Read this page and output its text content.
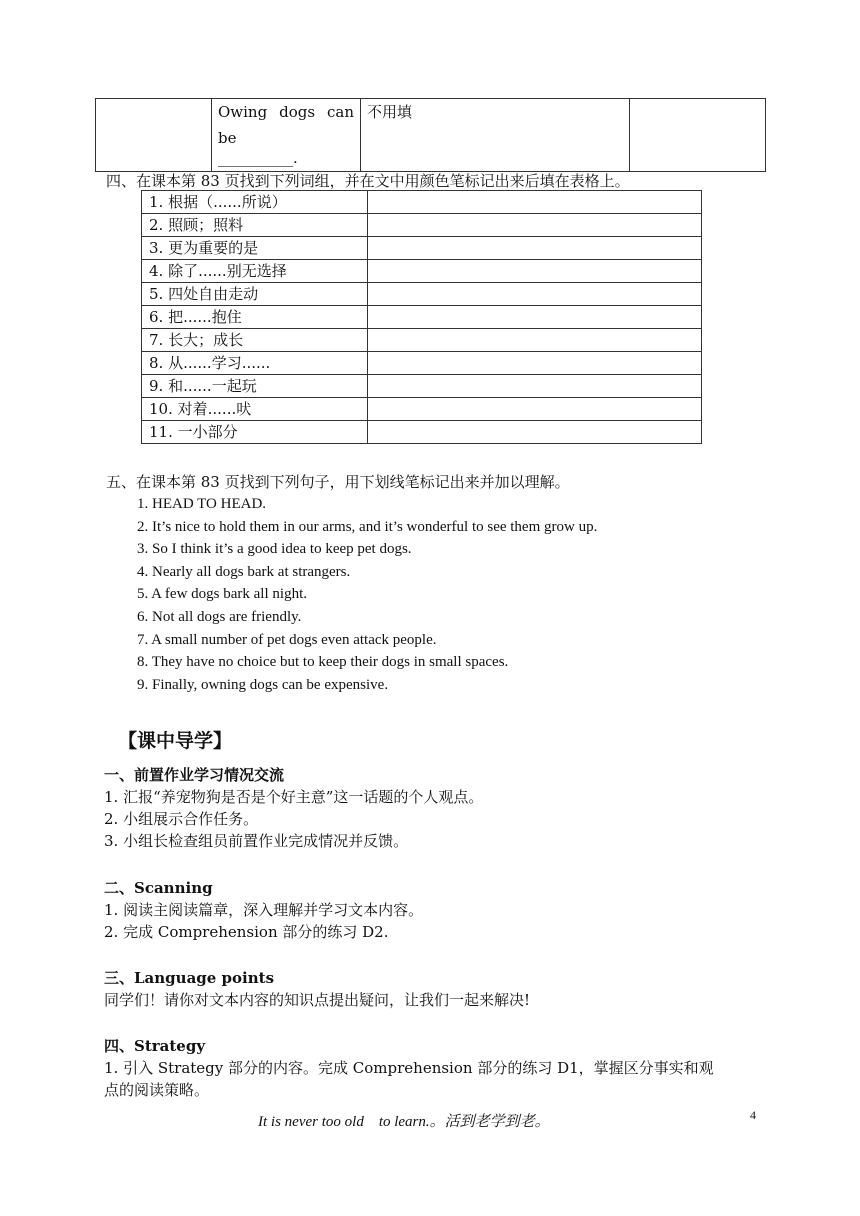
Owing dogs can be
__________.
	不用填	
四、在课本第 83 页找到下列词组，并在文中用颜色笔标记出来后填在表格上。
1. 根据（......所说）	
2. 照顾；照料	
3. 更为重要的是	
4. 除了......别无选择	
5. 四处自由走动	
6. 把......抱住	
7. 长大；成长	
8. 从......学习......	
9. 和......一起玩	
10. 对着......吠	
11. 一小部分	
五、在课本第 83 页找到下列句子，用下划线笔标记出来并加以理解。
1. HEAD TO HEAD.
2. It’s nice to hold them in our arms, and it’s wonderful to see them grow up.
3. So I think it’s a good idea to keep pet dogs.
4. Nearly all dogs bark at strangers.
5. A few dogs bark all night.
6. Not all dogs are friendly.
7. A small number of pet dogs even attack people.
8. They have no choice but to keep their dogs in small spaces.
9. Finally, owning dogs can be expensive.
【课中导学】
一、前置作业学习情况交流
1. 汇报“养宠物狗是否是个好主意”这一话题的个人观点。
2. 小组展示合作任务。
3. 小组长检查组员前置作业完成情况并反馈。
二、Scanning
1. 阅读主阅读篇章，深入理解并学习文本内容。
2. 完成 Comprehension 部分的练习 D2.
三、Language points
同学们！请你对文本内容的知识点提出疑问，让我们一起来解决!
四、Strategy
1. 引入 Strategy 部分的内容。完成 Comprehension 部分的练习 D1，掌握区分事实和观
点的阅读策略。
It is never too old    to learn.。活到老学到老。	4
